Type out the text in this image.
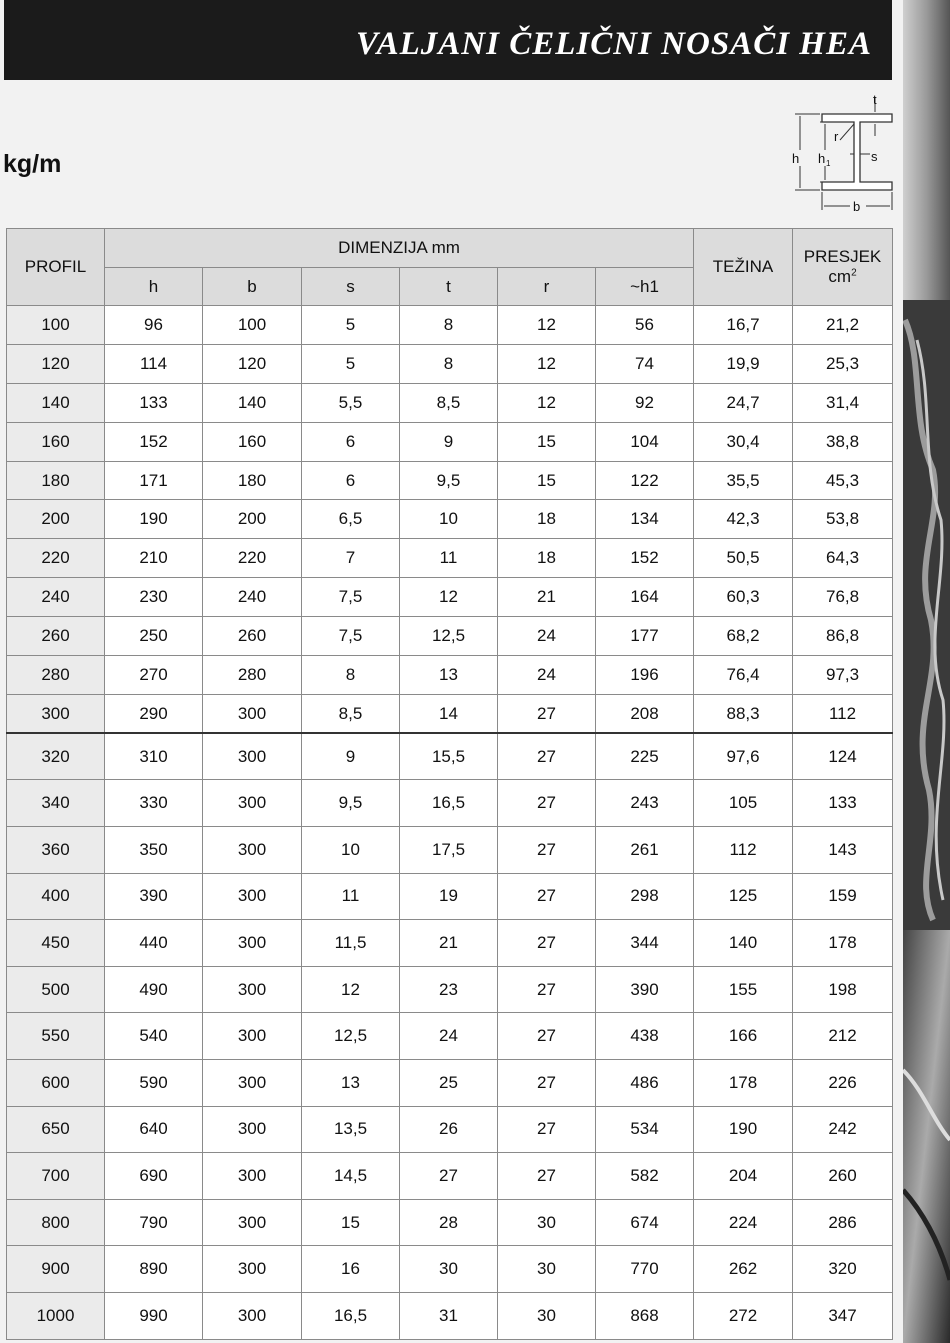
VALJANI ČELIČNI NOSAČI HEA
kg/m
t
r
h h 1	s
b
PROFIL	DIMENZIJA mm						TEŽINA	PRESJEK
$cm^2$
	h	b	s	t	r	~h1		
100	96	100	5	8	12	56	16,7	21,2
120	114	120	5	8	12	74	19,9	25,3
140	133	140	5,5	8,5	12	92	24,7	31,4
160	152	160	6	9	15	104	30,4	38,8
180	171	180	6	9,5	15	122	35,5	45,3
200	190	200	6,5	10	18	134	42,3	53,8
220	210	220	7	11	18	152	50,5	64,3
240	230	240	7,5	12	21	164	60,3	76,8
260	250	260	7,5	12,5	24	177	68,2	86,8
280	270	280	8	13	24	196	76,4	97,3
300	290	300	8,5	14	27	208	88,3	112
320	310	300	9	15,5	27	225	97,6	124
340	330	300	9,5	16,5	27	243	105	133
360	350	300	10	17,5	27	261	112	143
400	390	300	11	19	27	298	125	159
450	440	300	11,5	21	27	344	140	178
500	490	300	12	23	27	390	155	198
550	540	300	12,5	24	27	438	166	212
600	590	300	13	25	27	486	178	226
650	640	300	13,5	26	27	534	190	242
700	690	300	14,5	27	27	582	204	260
800	790	300	15	28	30	674	224	286
900	890	300	16	30	30	770	262	320
1000	990	300	16,5	31	30	868	272	347
